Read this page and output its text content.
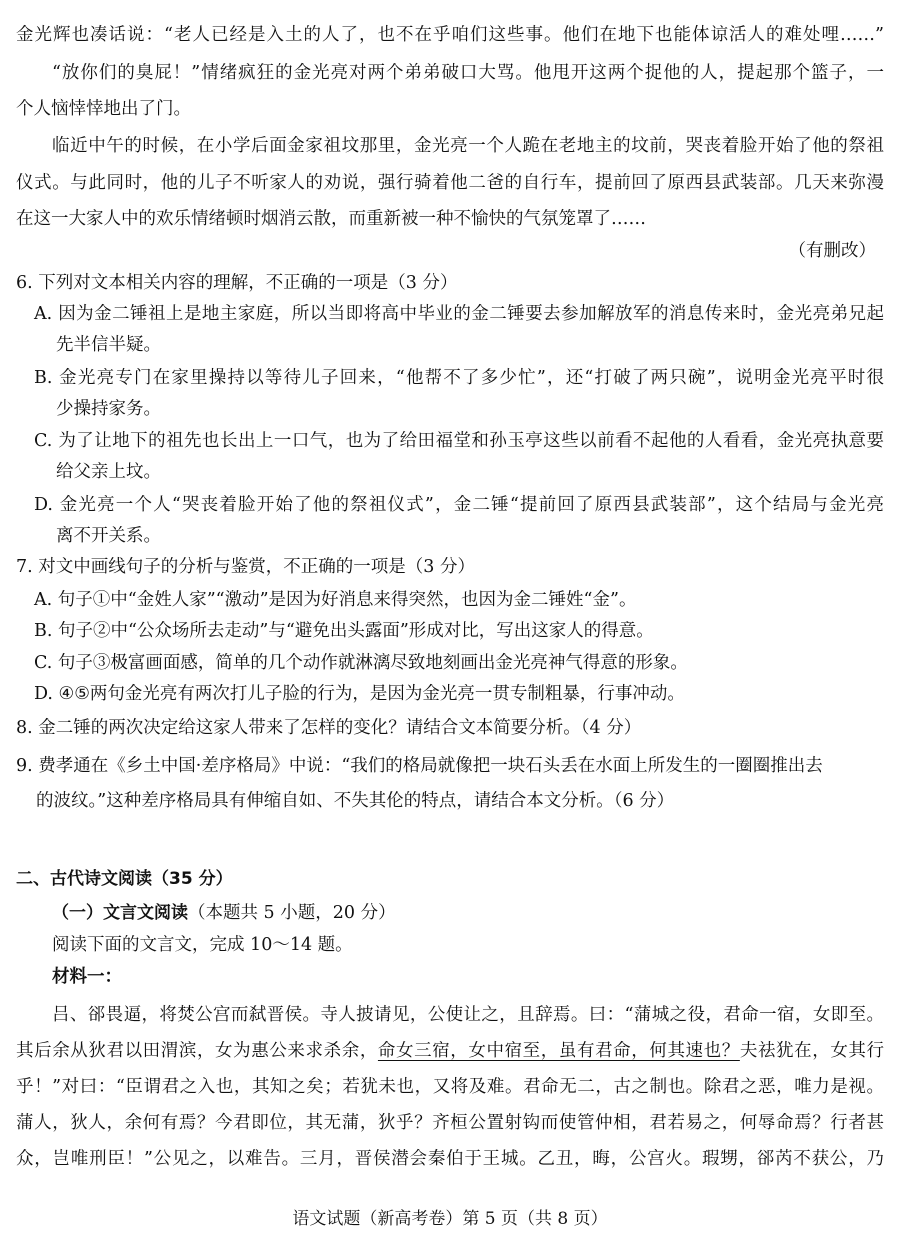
金光辉也凑话说：“老人已经是入土的人了，也不在乎咱们这些事。他们在地下也能体谅活人的难处哩……”

“放你们的臭屁！”情绪疯狂的金光亮对两个弟弟破口大骂。他甩开这两个捉他的人，提起那个篮子，一

个人恼悻悻地出了门。

临近中午的时候，在小学后面金家祖坟那里，金光亮一个人跪在老地主的坟前，哭丧着脸开始了他的祭祖

仪式。与此同时，他的儿子不听家人的劝说，强行骑着他二爸的自行车，提前回了原西县武装部。几天来弥漫

在这一大家人中的欢乐情绪顿时烟消云散，而重新被一种不愉快的气氛笼罩了……

（有删改）

6. 下列对文本相关内容的理解，不正确的一项是（3 分）

A. 因为金二锤祖上是地主家庭，所以当即将高中毕业的金二锤要去参加解放军的消息传来时，金光亮弟兄起

先半信半疑。

B. 金光亮专门在家里操持以等待儿子回来，“他帮不了多少忙”，还“打破了两只碗”，说明金光亮平时很

少操持家务。

C. 为了让地下的祖先也长出上一口气，也为了给田福堂和孙玉亭这些以前看不起他的人看看，金光亮执意要

给父亲上坟。

D. 金光亮一个人“哭丧着脸开始了他的祭祖仪式”，金二锤“提前回了原西县武装部”，这个结局与金光亮

离不开关系。

7. 对文中画线句子的分析与鉴赏，不正确的一项是（3 分）

A. 句子①中“金姓人家”“激动”是因为好消息来得突然，也因为金二锤姓“金”。

B. 句子②中“公众场所去走动”与“避免出头露面”形成对比，写出这家人的得意。

C. 句子③极富画面感，简单的几个动作就淋漓尽致地刻画出金光亮神气得意的形象。

D. ④⑤两句金光亮有两次打儿子脸的行为，是因为金光亮一贯专制粗暴，行事冲动。

8. 金二锤的两次决定给这家人带来了怎样的变化？请结合文本简要分析。（4 分）

9. 费孝通在《乡土中国·差序格局》中说：“我们的格局就像把一块石头丢在水面上所发生的一圈圈推出去

的波纹。”这种差序格局具有伸缩自如、不失其伦的特点，请结合本文分析。（6 分）

二、古代诗文阅读（35 分）

（一）文言文阅读（本题共 5 小题，20 分）

阅读下面的文言文，完成 10～14 题。

材料一：

吕、郤畏逼，将焚公宫而弑晋侯。寺人披请见，公使让之，且辞焉。曰：“蒲城之役，君命一宿，女即至。

其后余从狄君以田渭滨，女为惠公来求杀余，命女三宿，女中宿至，虽有君命，何其速也？夫祛犹在，女其行

乎！”对曰：“臣谓君之入也，其知之矣；若犹未也，又将及难。君命无二，古之制也。除君之恶，唯力是视。

蒲人，狄人，余何有焉？今君即位，其无蒲，狄乎？齐桓公置射钩而使管仲相，君若易之，何辱命焉？行者甚

众，岂唯刑臣！”公见之，以难告。三月，晋侯潜会秦伯于王城。乙丑，晦，公宫火。瑕甥，郤芮不获公，乃

语文试题（新高考卷）第 5 页（共 8 页）
